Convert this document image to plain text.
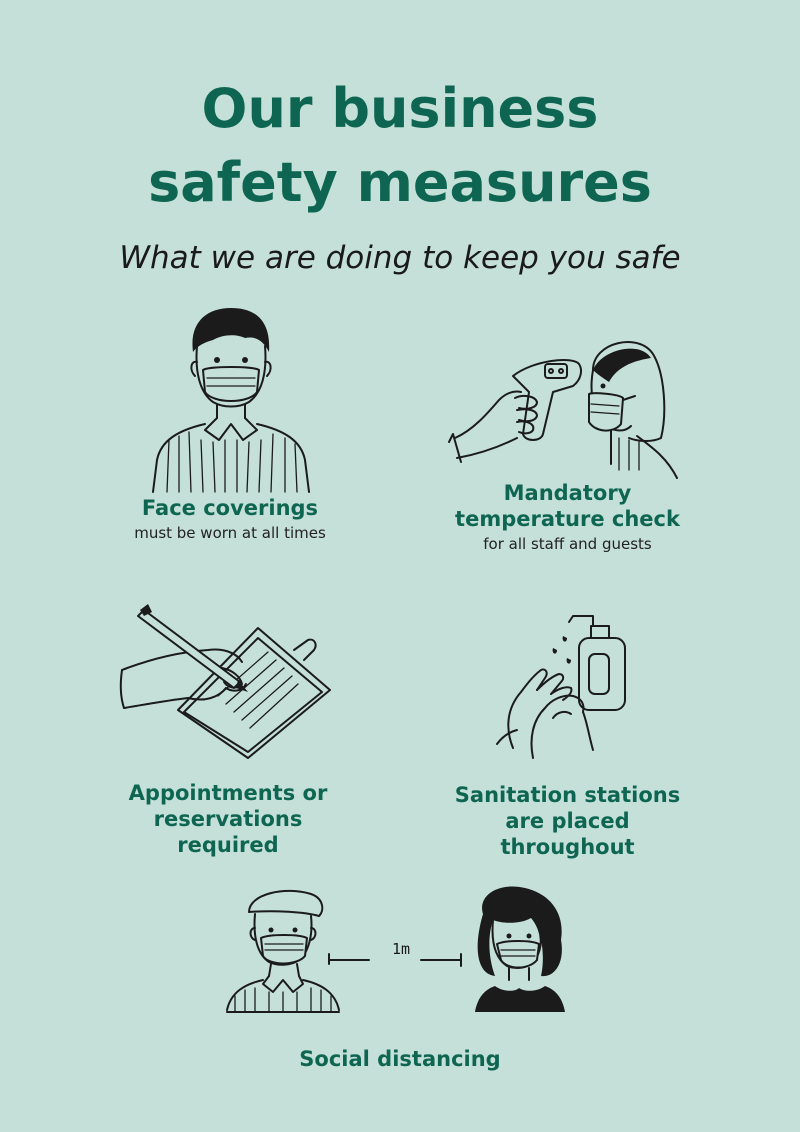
Our business
safety measures
What we are doing to keep you safe
Face coverings
must be worn at all times
Mandatory
temperature check
for all staff and guests
Appointments or
reservations required
Sanitation stations
are placed throughout
Social distancing
1m
